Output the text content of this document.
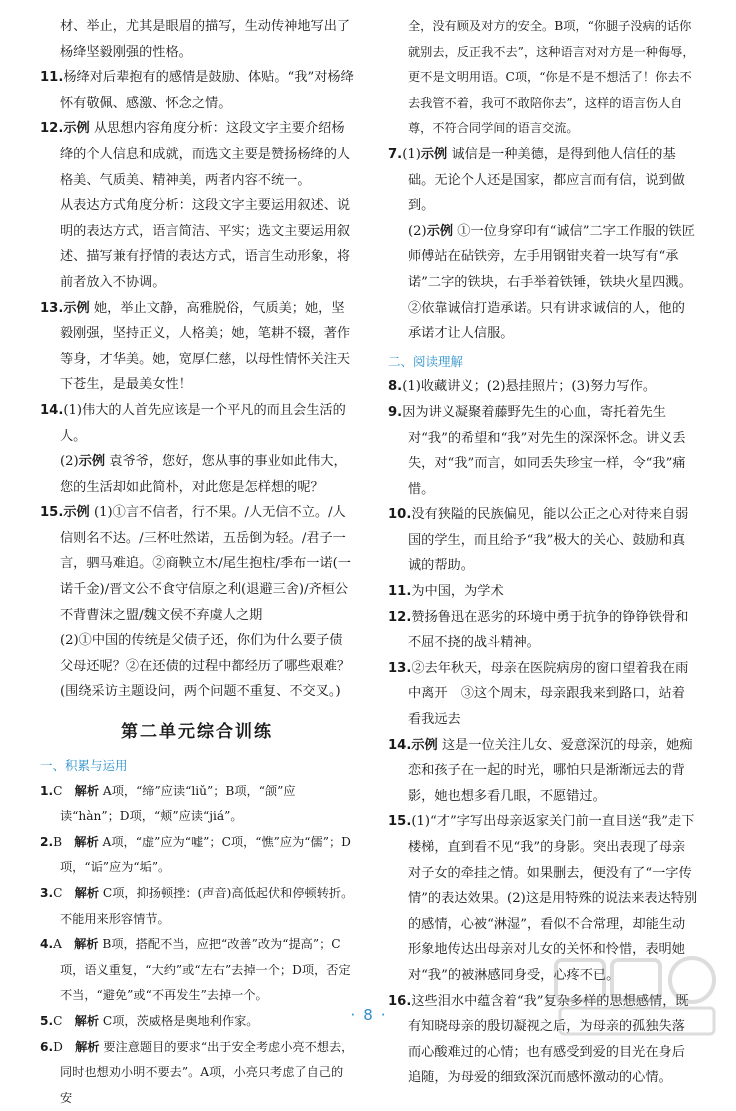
材、举止，尤其是眼眉的描写，生动传神地写出了杨绛坚毅刚强的性格。

11.杨绛对后辈抱有的感情是鼓励、体贴。“我”对杨绛怀有敬佩、感激、怀念之情。

12.示例 从思想内容角度分析：这段文字主要介绍杨绛的个人信息和成就，而选文主要是赞扬杨绛的人格美、气质美、精神美，两者内容不统一。

从表达方式角度分析：这段文字主要运用叙述、说明的表达方式，语言简洁、平实；选文主要运用叙述、描写兼有抒情的表达方式，语言生动形象，将前者放入不协调。

13.示例 她，举止文静，高雅脱俗，气质美；她，坚毅刚强，坚持正义，人格美；她，笔耕不辍，著作等身，才华美。她，宽厚仁慈，以母性情怀关注天下苍生，是最美女性！

14.(1)伟大的人首先应该是一个平凡的而且会生活的人。

(2)示例 袁爷爷，您好，您从事的事业如此伟大，您的生活却如此简朴，对此您是怎样想的呢？

15.示例 (1)①言不信者，行不果。/人无信不立。/人信则名不达。/三杯吐然诺，五岳倒为轻。/君子一言，驷马难追。②商鞅立木/尾生抱柱/季布一诺(一诺千金)/晋文公不食守信原之利(退避三舍)/齐桓公不背曹沫之盟/魏文侯不弃虞人之期

(2)①中国的传统是父债子还，你们为什么要子债父母还呢？②在还债的过程中都经历了哪些艰难？(围绕采访主题设问，两个问题不重复、不交叉。)

第二单元综合训练
一、积累与运用

1.C　 解析 A项，“缔”应读“liǔ”；B项，“颌”应读“hàn”；D项，“颊”应读“jiá”。

2.B　 解析 A项，“虚”应为“嘘”；C项，“憔”应为“儒”；D项，“诟”应为“垢”。

3.C　 解析 C项，抑扬顿挫：(声音)高低起伏和停顿转折。不能用来形容情节。

4.A　 解析 B项，搭配不当，应把“改善”改为“提高”；C项，语义重复，“大约”或“左右”去掉一个；D项，否定不当，“避免”或“不再发生”去掉一个。

5.C　 解析 C项，茨威格是奥地利作家。

6.D　 解析 要注意题目的要求“出于安全考虑小亮不想去，同时也想劝小明不要去”。A项，小亮只考虑了自己的安

全，没有顾及对方的安全。B项，“你腿子没病的话你就别去，反正我不去”，这种语言对对方是一种侮辱，更不是文明用语。C项，“你是不是不想活了！你去不去我管不着，我可不敢陪你去”，这样的语言伤人自尊，不符合同学间的语言交流。

7.(1)示例 诚信是一种美德，是得到他人信任的基础。无论个人还是国家，都应言而有信，说到做到。

(2)示例 ①一位身穿印有“诚信”二字工作服的铁匠师傅站在砧铁旁，左手用钢钳夹着一块写有“承诺”二字的铁块，右手举着铁锤，铁块火星四溅。②依靠诚信打造承诺。只有讲求诚信的人，他的承诺才让人信服。

二、阅读理解

8.(1)收藏讲义；(2)悬挂照片；(3)努力写作。

9.因为讲义凝聚着藤野先生的心血，寄托着先生对“我”的希望和“我”对先生的深深怀念。讲义丢失，对“我”而言，如同丢失珍宝一样，令“我”痛惜。

10.没有狭隘的民族偏见，能以公正之心对待来自弱国的学生，而且给予“我”极大的关心、鼓励和真诚的帮助。

11.为中国，为学术

12.赞扬鲁迅在恶劣的环境中勇于抗争的铮铮铁骨和不屈不挠的战斗精神。

13.②去年秋天，母亲在医院病房的窗口望着我在雨中离开　③这个周末，母亲跟我来到路口，站着看我远去

14.示例 这是一位关注儿女、爱意深沉的母亲，她痴恋和孩子在一起的时光，哪怕只是渐渐远去的背影，她也想多看几眼，不愿错过。

15.(1)“才”字写出母亲返家关门前一直目送“我”走下楼梯，直到看不见“我”的身影。突出表现了母亲对子女的牵挂之情。如果删去，便没有了“一字传情”的表达效果。(2)这是用特殊的说法来表达特别的感情，心被“淋湿”，看似不合常理，却能生动形象地传达出母亲对儿女的关怀和怜惜，表明她对“我”的被淋感同身受，心疼不已。

16.这些泪水中蕴含着“我”复杂多样的思想感情，既有知晓母亲的殷切凝视之后，为母亲的孤独失落而心酸难过的心情；也有感受到爱的目光在身后追随，为母爱的细致深沉而感怀激动的心情。

· 8 ·
